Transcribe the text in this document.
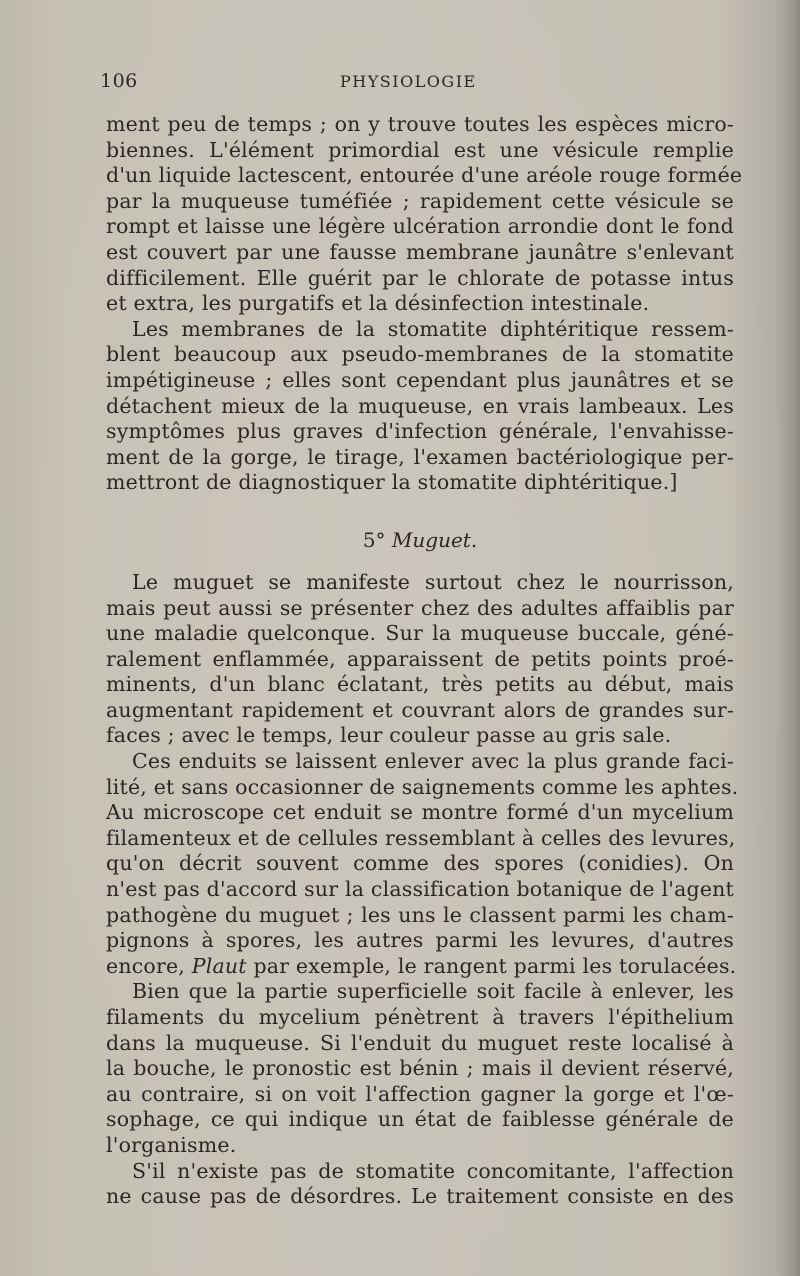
106	PHYSIOLOGIE
ment peu de temps ; on y trouve toutes les espèces micro-
biennes. L'élément primordial est une vésicule remplie
d'un liquide lactescent, entourée d'une aréole rouge formée
par la muqueuse tuméfiée ; rapidement cette vésicule se
rompt et laisse une légère ulcération arrondie dont le fond
est couvert par une fausse membrane jaunâtre s'enlevant
difficilement. Elle guérit par le chlorate de potasse intus
et extra, les purgatifs et la désinfection intestinale.
Les membranes de la stomatite diphtéritique ressem-
blent beaucoup aux pseudo-membranes de la stomatite
impétigineuse ; elles sont cependant plus jaunâtres et se
détachent mieux de la muqueuse, en vrais lambeaux. Les
symptômes plus graves d'infection générale, l'envahisse-
ment de la gorge, le tirage, l'examen bactériologique per-
mettront de diagnostiquer la stomatite diphtéritique.]
5° Muguet.
Le muguet se manifeste surtout chez le nourrisson,
mais peut aussi se présenter chez des adultes affaiblis par
une maladie quelconque. Sur la muqueuse buccale, géné-
ralement enflammée, apparaissent de petits points proé-
minents, d'un blanc éclatant, très petits au début, mais
augmentant rapidement et couvrant alors de grandes sur-
faces ; avec le temps, leur couleur passe au gris sale.
Ces enduits se laissent enlever avec la plus grande faci-
lité, et sans occasionner de saignements comme les aphtes.
Au microscope cet enduit se montre formé d'un mycelium
filamenteux et de cellules ressemblant à celles des levures,
qu'on décrit souvent comme des spores (conidies). On
n'est pas d'accord sur la classification botanique de l'agent
pathogène du muguet ; les uns le classent parmi les cham-
pignons à spores, les autres parmi les levures, d'autres
encore, Plaut par exemple, le rangent parmi les torulacées.
Bien que la partie superficielle soit facile à enlever, les
filaments du mycelium pénètrent à travers l'épithelium
dans la muqueuse. Si l'enduit du muguet reste localisé à
la bouche, le pronostic est bénin ; mais il devient réservé,
au contraire, si on voit l'affection gagner la gorge et l'œ-
sophage, ce qui indique un état de faiblesse générale de
l'organisme.
S'il n'existe pas de stomatite concomitante, l'affection
ne cause pas de désordres. Le traitement consiste en des
